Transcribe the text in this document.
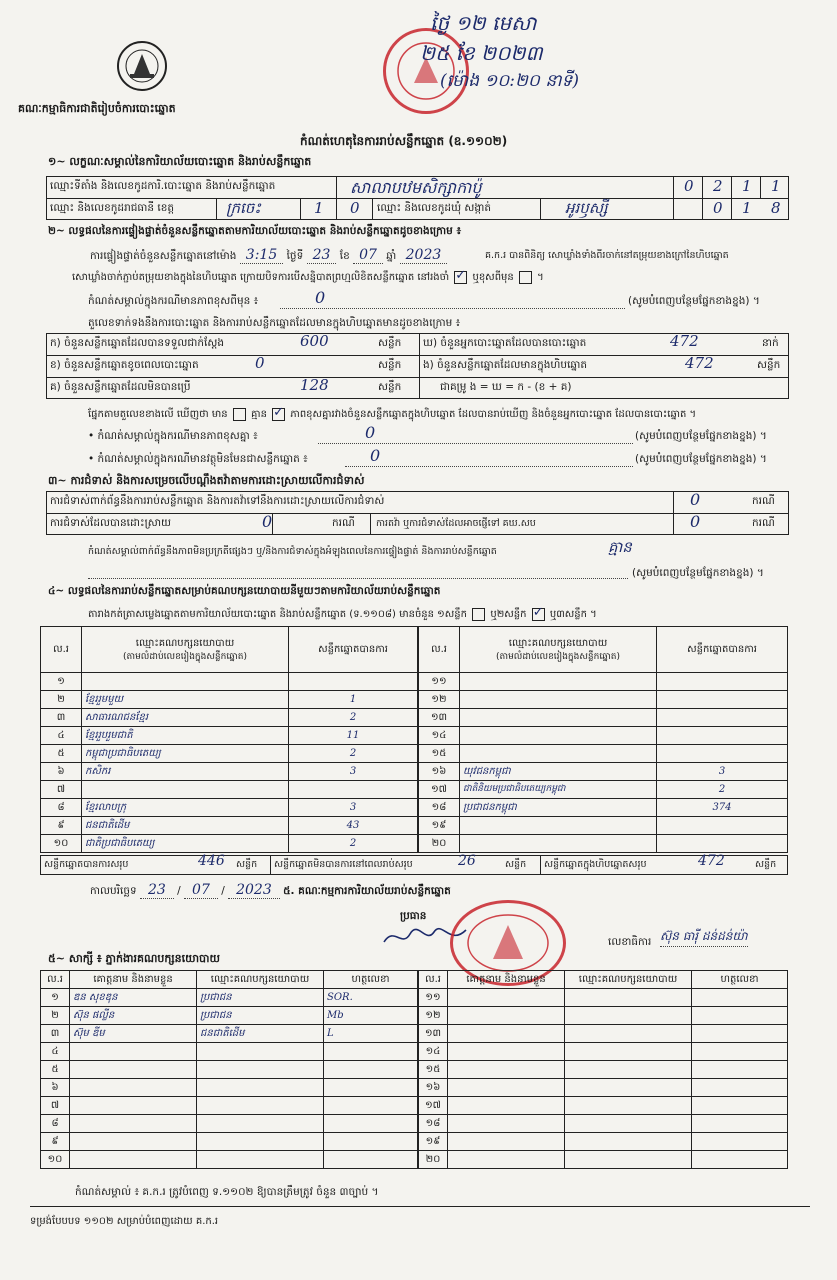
គណៈកម្មាធិការជាតិរៀបចំការបោះឆ្នោត
ថ្ងៃ ១២ មេសា
២៥ ខែ ២០២៣
(ម៉ោង ១០:២០ នាទី)
កំណត់ហេតុនៃការរាប់សន្លឹកឆ្នោត (ឧ.១១០២)
១~ លក្ខណៈសម្គាល់នៃការិយាល័យបោះឆ្នោត និងរាប់សន្លឹកឆ្នោត
ឈ្មោះទីតាំង និងលេខកូដការិ.បោះឆ្នោត និងរាប់សន្លឹកឆ្នោត	សាលាបឋមសិក្សាកាប៉ូ	0 2 1 1
ឈ្មោះ និងលេខកូដរាជធានី ខេត្ត	ក្រចេះ	1 0 ឈ្មោះ និងលេខកូដឃុំ សង្កាត់	អូរឫស្សី	0 1 8
២~ លទ្ធផលនៃការផ្ទៀងផ្ទាត់ចំនួនសន្លឹកឆ្នោតតាមការិយាល័យបោះឆ្នោត និងរាប់សន្លឹកឆ្នោតដូចខាងក្រោម ៖
ការផ្ទៀងផ្ទាត់ចំនួនសន្លឹកឆ្នោតនៅម៉ោង 3:15 ថ្ងៃទី 23 ខែ 07 ឆ្នាំ 2023	គ.ក.រ បានពិនិត្យ សោឃ្លាំងទាំងពីរចាក់នៅតម្រុយខាងក្រៅនៃហិបឆ្នោត
សោឃ្លាំងចាក់ភ្ជាប់តម្រុយខាងក្នុងនៃហិបឆ្នោត ក្រោយបិទការបើសន្និបាតព្រហ្មលិខិតសន្លឹកឆ្នោត នៅរងចាំ ✓ ឬខុសពីមុន  ។
កំណត់សម្គាល់ក្នុងករណីមានភាពខុសពីមុន ៖	0	(សូមបំពេញបន្ថែមផ្នែកខាងខ្នង) ។
តួលេខទាក់ទងនឹងការបោះឆ្នោត និងការរាប់សន្លឹកឆ្នោតដែលមានក្នុងហិបឆ្នោតមានដូចខាងក្រោម ៖
ក) ចំនួនសន្លឹកឆ្នោតដែលបានទទួលជាក់ស្តែង	600	សន្លឹក ឃ) ចំនួនអ្នកបោះឆ្នោតដែលបានបោះឆ្នោត	472	នាក់
ខ) ចំនួនសន្លឹកឆ្នោតខូចពេលបោះឆ្នោត	0	សន្លឹក ង) ចំនួនសន្លឹកឆ្នោតដែលមានក្នុងហិបឆ្នោត	472	សន្លឹក
គ) ចំនួនសន្លឹកឆ្នោតដែលមិនបានប្រើ	128	សន្លឹក	ជាគម្រូ ង = ឃ = ក - (ខ + គ)
ផ្នែកតាមតួលេខខាងលើ ឃើញថា មាន គ្មាន ✓ ភាពខុសគ្នារវាងចំនួនសន្លឹកឆ្នោតក្នុងហិបឆ្នោត ដែលបានរាប់ឃើញ និងចំនួនអ្នកបោះឆ្នោត ដែលបានបោះឆ្នោត ។
• កំណត់សម្គាល់ក្នុងករណីមានភាពខុសគ្នា ៖	0	(សូមបំពេញបន្ថែមផ្នែកខាងខ្នង) ។
• កំណត់សម្គាល់ក្នុងករណីមានវត្ថុមិនមែនជាសន្លឹកឆ្នោត ៖	0	(សូមបំពេញបន្ថែមផ្នែកខាងខ្នង) ។
៣~ ការជំទាស់ និងការសម្រេចលើបណ្តឹងតវ៉ាតាមការដោះស្រាយលើការជំទាស់
ការជំទាស់ពាក់ព័ន្ធនឹងការរាប់សន្លឹកឆ្នោត និងការតវ៉ាទៅនឹងការដោះស្រាយលើការជំទាស់	0	ករណី
ការជំទាស់ដែលបានដោះស្រាយ	0	ករណី ការតវ៉ា ឬការជំទាស់ដែលអាចផ្ញើទៅ គឃ.សប	0	ករណី
កំណត់សម្គាល់ពាក់ព័ន្ធនឹងភាពមិនប្រក្រតីផ្សេងៗ ឬ/និងការជំទាស់ក្នុងអំឡុងពេលនៃការផ្ទៀងផ្ទាត់ និងការរាប់សន្លឹកឆ្នោត	គ្មាន
(សូមបំពេញបន្ថែមផ្នែកខាងខ្នង) ។
៤~ លទ្ធផលនៃការរាប់សន្លឹកឆ្នោតសម្រាប់គណបក្សនយោបាយនីមួយៗតាមការិយាល័យរាប់សន្លឹកឆ្នោត
តារាងកត់ត្រាសម្លេងឆ្នោតតាមការិយាល័យបោះឆ្នោត និងរាប់សន្លឹកឆ្នោត (ទ.១១០៨) មានចំនួន ១សន្លឹក ឬ២សន្លឹក ✓ ឬ៣សន្លឹក ។
ល.រ	ឈ្មោះគណបក្សនយោបាយ
(តាមលំដាប់លេខរៀងក្នុងសន្លឹកឆ្នោត)	សន្លឹកឆ្នោតបានការ
១		
២	ខ្មែររួមមួយ	1
៣	សាធារណជនខ្មែរ	2
៤	ខ្មែររួបរួមជាតិ	11
៥	កម្ពុជាប្រជាធិបតេយ្យ	2
៦	កសិករ	3
៧		
៨	ខ្មែរលាបក្រុ	3
៩	ជនជាតិដើម	43
១០	ជាតិប្រជាធិបតេយ្យ	2
ល.រ	ឈ្មោះគណបក្សនយោបាយ
(តាមលំដាប់លេខរៀងក្នុងសន្លឹកឆ្នោត)	សន្លឹកឆ្នោតបានការ
១១		
១២		
១៣		
១៤		
១៥		
១៦	យុវជនកម្ពុជា	3
១៧	ជាតិនិយមប្រជាធិបតេយ្យកម្ពុជា	2
១៨	ប្រជាជនកម្ពុជា	374
១៩		
២០		
សន្លឹកឆ្នោតបានការសរុប	446 សន្លឹក សន្លឹកឆ្នោតមិនបានការនៅពេលរាប់សរុប	26	សន្លឹក សន្លឹកឆ្នោតក្នុងហិបឆ្នោតសរុប	472	សន្លឹក
កាលបរិច្ឆេទ 23 / 07 / 2023 ៥. គណៈកម្មការការិយាល័យរាប់សន្លឹកឆ្នោត
ប្រធាន
លេខាធិការ ស៊ុន ធារ៉ី ដន់ដន់យ៉ា
៥~ សាក្សី ៖ ភ្នាក់ងារគណបក្សនយោបាយ
ល.រ	គោត្តនាម និងនាមខ្លួន	ឈ្មោះគណបក្សនយោបាយ	ហត្ថលេខា
១	ឌន សុខឌុន	ប្រជាជន	SOR.
២	ស៊ុន ផល្លីន	ប្រជាជន	Mb
៣	ស៊ុម ឌីម	ជនជាតិដើម	L
៤			
៥			
៦			
៧			
៨			
៩			
១០			
ល.រ	គោត្តនាម និងនាមខ្លួន	ឈ្មោះគណបក្សនយោបាយ	ហត្ថលេខា
១១			
១២			
១៣			
១៤			
១៥			
១៦			
១៧			
១៨			
១៩			
២០			
កំណត់សម្គាល់ ៖ គ.ក.រ ត្រូវបំពេញ ទ.១១០២ ឱ្យបានត្រឹមត្រូវ ចំនួន ៣ច្បាប់ ។
ទម្រង់បែបបទ ១១០២ សម្រាប់បំពេញដោយ គ.ក.រ
